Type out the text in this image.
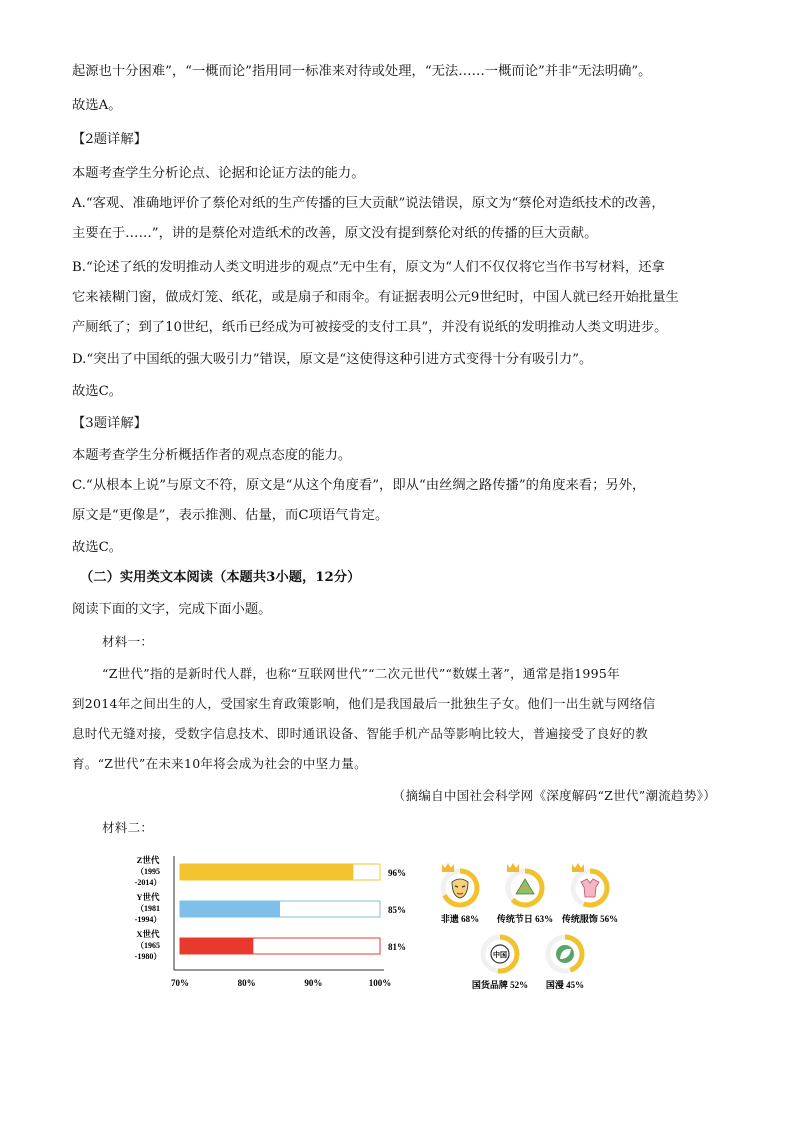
起源也十分困难”，“一概而论”指用同一标准来对待或处理，“无法……一概而论”并非“无法明确”。
故选A。
【2题详解】
本题考查学生分析论点、论据和论证方法的能力。
A.“客观、准确地评价了蔡伦对纸的生产传播的巨大贡献”说法错误，原文为“蔡伦对造纸技术的改善，
主要在于……”，讲的是蔡伦对造纸术的改善，原文没有提到蔡伦对纸的传播的巨大贡献。
B.“论述了纸的发明推动人类文明进步的观点”无中生有，原文为“人们不仅仅将它当作书写材料，还拿
它来裱糊门窗，做成灯笼、纸花，或是扇子和雨伞。有证据表明公元9世纪时，中国人就已经开始批量生
产厕纸了；到了10世纪，纸币已经成为可被接受的支付工具”，并没有说纸的发明推动人类文明进步。
D.“突出了中国纸的强大吸引力”错误，原文是“这使得这种引进方式变得十分有吸引力”。
故选C。
【3题详解】
本题考查学生分析概括作者的观点态度的能力。
C.“从根本上说”与原文不符，原文是“从这个角度看”，即从“由丝绸之路传播”的角度来看；另外，
原文是“更像是”，表示推测、估量，而C项语气肯定。
故选C。
（二）实用类文本阅读（本题共3小题，12分）
阅读下面的文字，完成下面小题。
材料一：
“Z世代”指的是新时代人群，也称“互联网世代”“二次元世代”“数媒土著”，通常是指1995年
到2014年之间出生的人，受国家生育政策影响，他们是我国最后一批独生子女。他们一出生就与网络信
息时代无缝对接，受数字信息技术、即时通讯设备、智能手机产品等影响比较大，普遍接受了良好的教
育。“Z世代”在未来10年将会成为社会的中坚力量。
（摘编自中国社会科学网《深度解码“Z世代”潮流趋势》）
材料二：
96%
Z世代
（1995
-2014）
85%
Y世代
（1981
-1994）
81%
X世代
（1965
-1980）
70%	80%	90%	100%
非遗 68% 传统节日 63% 传统服饰 56%
中国
国货品牌 52% 国漫 45%
